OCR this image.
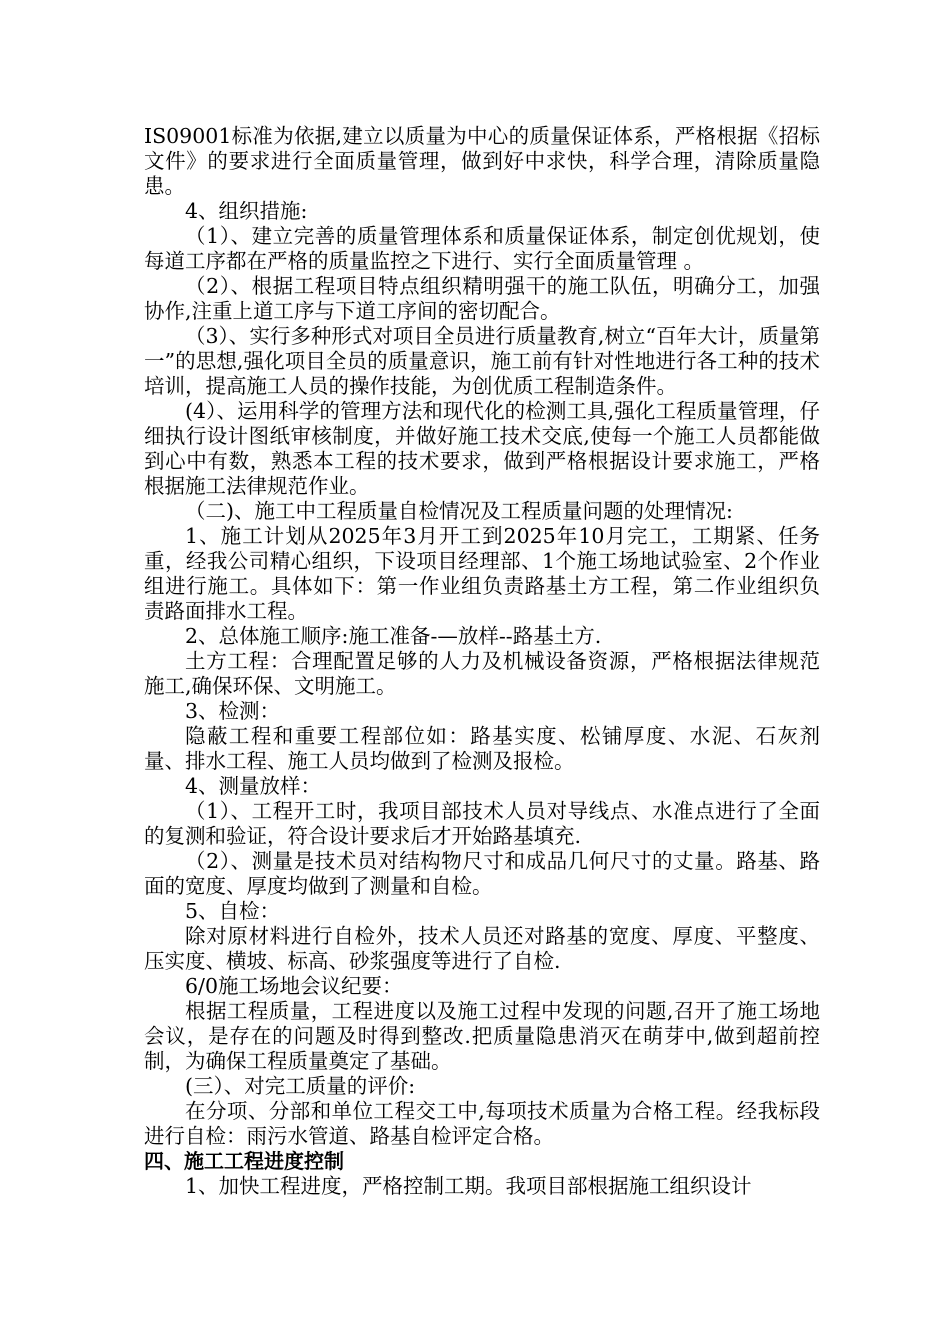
IS09001标准为依据,建立以质量为中心的质量保证体系，严格根据《招标文件》的要求进行全面质量管理，做到好中求快，科学合理，清除质量隐患。

4、组织措施:

（1）、建立完善的质量管理体系和质量保证体系，制定创优规划，使每道工序都在严格的质量监控之下进行、实行全面质量管理 。

（2）、根据工程项目特点组织精明强干的施工队伍，明确分工，加强协作,注重上道工序与下道工序间的密切配合。

（3）、实行多种形式对项目全员进行质量教育,树立“百年大计，质量第一”的思想,强化项目全员的质量意识，施工前有针对性地进行各工种的技术培训，提高施工人员的操作技能，为创优质工程制造条件。

(4）、运用科学的管理方法和现代化的检测工具,强化工程质量管理，仔细执行设计图纸审核制度，并做好施工技术交底,使每一个施工人员都能做到心中有数，熟悉本工程的技术要求，做到严格根据设计要求施工，严格根据施工法律规范作业。

（二)、施工中工程质量自检情况及工程质量问题的处理情况:

1、施工计划从2025年3月开工到2025年10月完工，工期紧、任务重，经我公司精心组织，下设项目经理部、1个施工场地试验室、2个作业组进行施工。具体如下：第一作业组负责路基土方工程，第二作业组织负责路面排水工程。

2、总体施工顺序:施工准备-—放样--路基土方.

土方工程：合理配置足够的人力及机械设备资源，严格根据法律规范施工,确保环保、文明施工。

3、检测：

隐蔽工程和重要工程部位如：路基实度、松铺厚度、水泥、石灰剂量、排水工程、施工人员均做到了检测及报检。

4、测量放样：

（1）、工程开工时，我项目部技术人员对导线点、水准点进行了全面的复测和验证，符合设计要求后才开始路基填充.

（2）、测量是技术员对结构物尺寸和成品几何尺寸的丈量。路基、路面的宽度、厚度均做到了测量和自检。

5、自检：

除对原材料进行自检外，技术人员还对路基的宽度、厚度、平整度、压实度、横坡、标高、砂浆强度等进行了自检.

6/0施工场地会议纪要：

根据工程质量，工程进度以及施工过程中发现的问题,召开了施工场地会议，是存在的问题及时得到整改.把质量隐患消灭在萌芽中,做到超前控制，为确保工程质量奠定了基础。

(三）、对完工质量的评价:

在分项、分部和单位工程交工中,每项技术质量为合格工程。经我标段进行自检：雨污水管道、路基自检评定合格。

四、施工工程进度控制

1、加快工程进度，严格控制工期。我项目部根据施工组织设计
